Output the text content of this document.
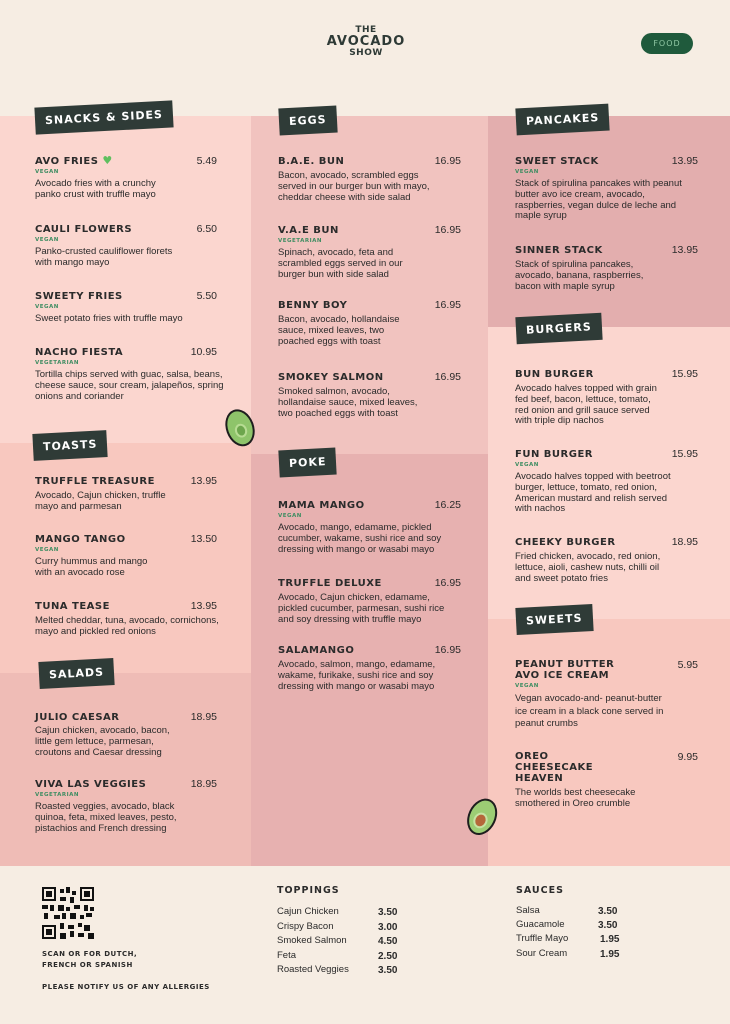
THE
AVOCADO
SHOW
FOOD
SNACKS & SIDES
TOASTS
SALADS
EGGS
POKE
PANCAKES
BURGERS
SWEETS
AVO FRIES ♥	5.49
VEGAN
Avocado fries with a crunchy panko crust with truffle mayo
CAULI FLOWERS	6.50
VEGAN
Panko-crusted cauliflower florets with mango mayo
SWEETY FRIES	5.50
VEGAN
Sweet potato fries with truffle mayo
NACHO FIESTA	10.95
VEGETARIAN
Tortilla chips served with guac, salsa, beans, cheese sauce, sour cream, jalapeños, spring onions and coriander
TRUFFLE TREASURE	13.95
Avocado, Cajun chicken, truffle mayo and parmesan
MANGO TANGO	13.50
VEGAN
Curry hummus and mango with an avocado rose
TUNA TEASE	13.95
Melted cheddar, tuna, avocado, cornichons, mayo and pickled red onions
JULIO CAESAR	18.95
Cajun chicken, avocado, bacon, little gem lettuce, parmesan, croutons and Caesar dressing
VIVA LAS VEGGIES	18.95
VEGETARIAN
Roasted veggies, avocado, black quinoa, feta, mixed leaves, pesto, pistachios and French dressing
B.A.E. BUN	16.95
Bacon, avocado, scrambled eggs served in our burger bun with mayo, cheddar cheese with side salad
V.A.E BUN	16.95
VEGETARIAN
Spinach, avocado, feta and scrambled eggs served in our burger bun with side salad
BENNY BOY	16.95
Bacon, avocado, hollandaise sauce, mixed leaves, two poached eggs with toast
SMOKEY SALMON	16.95
Smoked salmon, avocado, hollandaise sauce, mixed leaves, two poached eggs with toast
MAMA MANGO	16.25
VEGAN
Avocado, mango, edamame, pickled cucumber, wakame, sushi rice and soy dressing with mango or wasabi mayo
TRUFFLE DELUXE	16.95
Avocado, Cajun chicken, edamame, pickled cucumber, parmesan, sushi rice and soy dressing with truffle mayo
SALAMANGO	16.95
Avocado, salmon, mango, edamame, wakame, furikake, sushi rice and soy dressing with mango or wasabi mayo
SWEET STACK	13.95
VEGAN
Stack of spirulina pancakes with peanut butter avo ice cream, avocado, raspberries, vegan dulce de leche and maple syrup
SINNER STACK	13.95
Stack of spirulina pancakes, avocado, banana, raspberries, bacon with maple syrup
BUN BURGER	15.95
Avocado halves topped with grain fed beef, bacon, lettuce, tomato, red onion and grill sauce served with triple dip nachos
FUN BURGER	15.95
VEGAN
Avocado halves topped with beetroot burger, lettuce, tomato, red onion, American mustard and relish served with nachos
CHEEKY BURGER	18.95
Fried chicken, avocado, red onion, lettuce, aioli, cashew nuts, chilli oil and sweet potato fries
PEANUT BUTTER AVO ICE CREAM
5.95
VEGAN
Vegan avocado-and- peanut-butter ice cream in a black cone served in peanut crumbs
OREO CHEESECAKE HEAVEN
9.95
The worlds best cheesecake smothered in Oreo crumble
SCAN OR FOR DUTCH, FRENCH OR SPANISH
PLEASE NOTIFY US OF ANY ALLERGIES
TOPPINGS
Cajun Chicken	3.50
Crispy Bacon	3.00
Smoked Salmon	4.50
Feta	2.50
Roasted Veggies	3.50
SAUCES
Salsa	3.50
Guacamole	3.50
Truffle Mayo	1.95
Sour Cream	1.95
